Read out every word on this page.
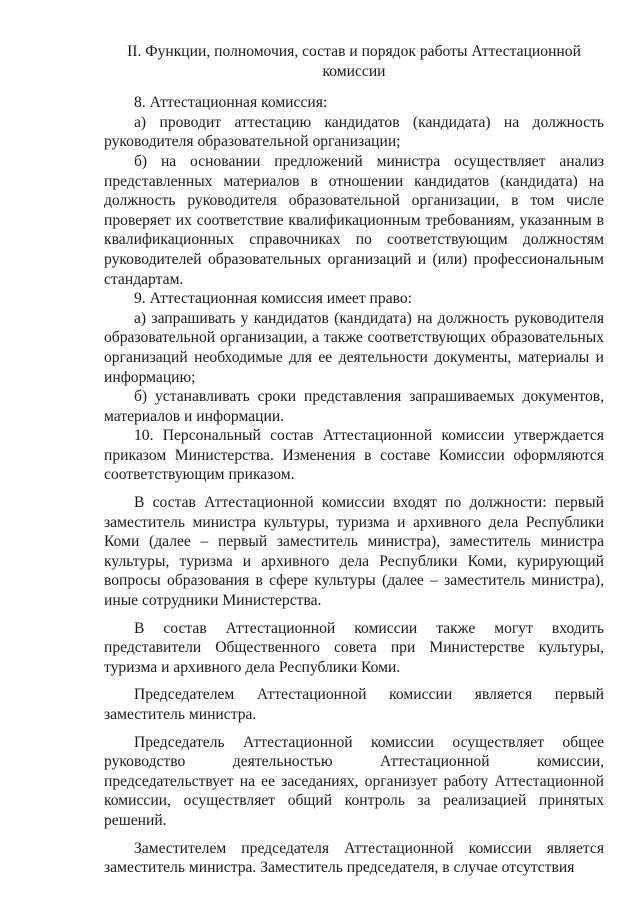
II. Функции, полномочия, состав и порядок работы Аттестационной комиссии

8. Аттестационная комиссия:

а) проводит аттестацию кандидатов (кандидата) на должность руководителя образовательной организации;

б) на основании предложений министра осуществляет анализ представленных материалов в отношении кандидатов (кандидата) на должность руководителя образовательной организации, в том числе проверяет их соответствие квалификационным требованиям, указанным в квалификационных справочниках по соответствующим должностям руководителей образовательных организаций и (или) профессиональным стандартам.

9. Аттестационная комиссия имеет право:

а) запрашивать у кандидатов (кандидата) на должность руководителя образовательной организации, а также соответствующих образовательных организаций необходимые для ее деятельности документы, материалы и информацию;

б) устанавливать сроки представления запрашиваемых документов, материалов и информации.

10. Персональный состав Аттестационной комиссии утверждается приказом Министерства. Изменения в составе Комиссии оформляются соответствующим приказом.

В состав Аттестационной комиссии входят по должности: первый заместитель министра культуры, туризма и архивного дела Республики Коми (далее – первый заместитель министра), заместитель министра культуры, туризма и архивного дела Республики Коми, курирующий вопросы образования в сфере культуры (далее – заместитель министра), иные сотрудники Министерства.

В состав Аттестационной комиссии также могут входить представители Общественного совета при Министерстве культуры, туризма и архивного дела Республики Коми.

Председателем Аттестационной комиссии является первый заместитель министра.

Председатель Аттестационной комиссии осуществляет общее руководство деятельностью Аттестационной комиссии, председательствует на ее заседаниях, организует работу Аттестационной комиссии, осуществляет общий контроль за реализацией принятых решений.

Заместителем председателя Аттестационной комиссии является заместитель министра. Заместитель председателя, в случае отсутствия
